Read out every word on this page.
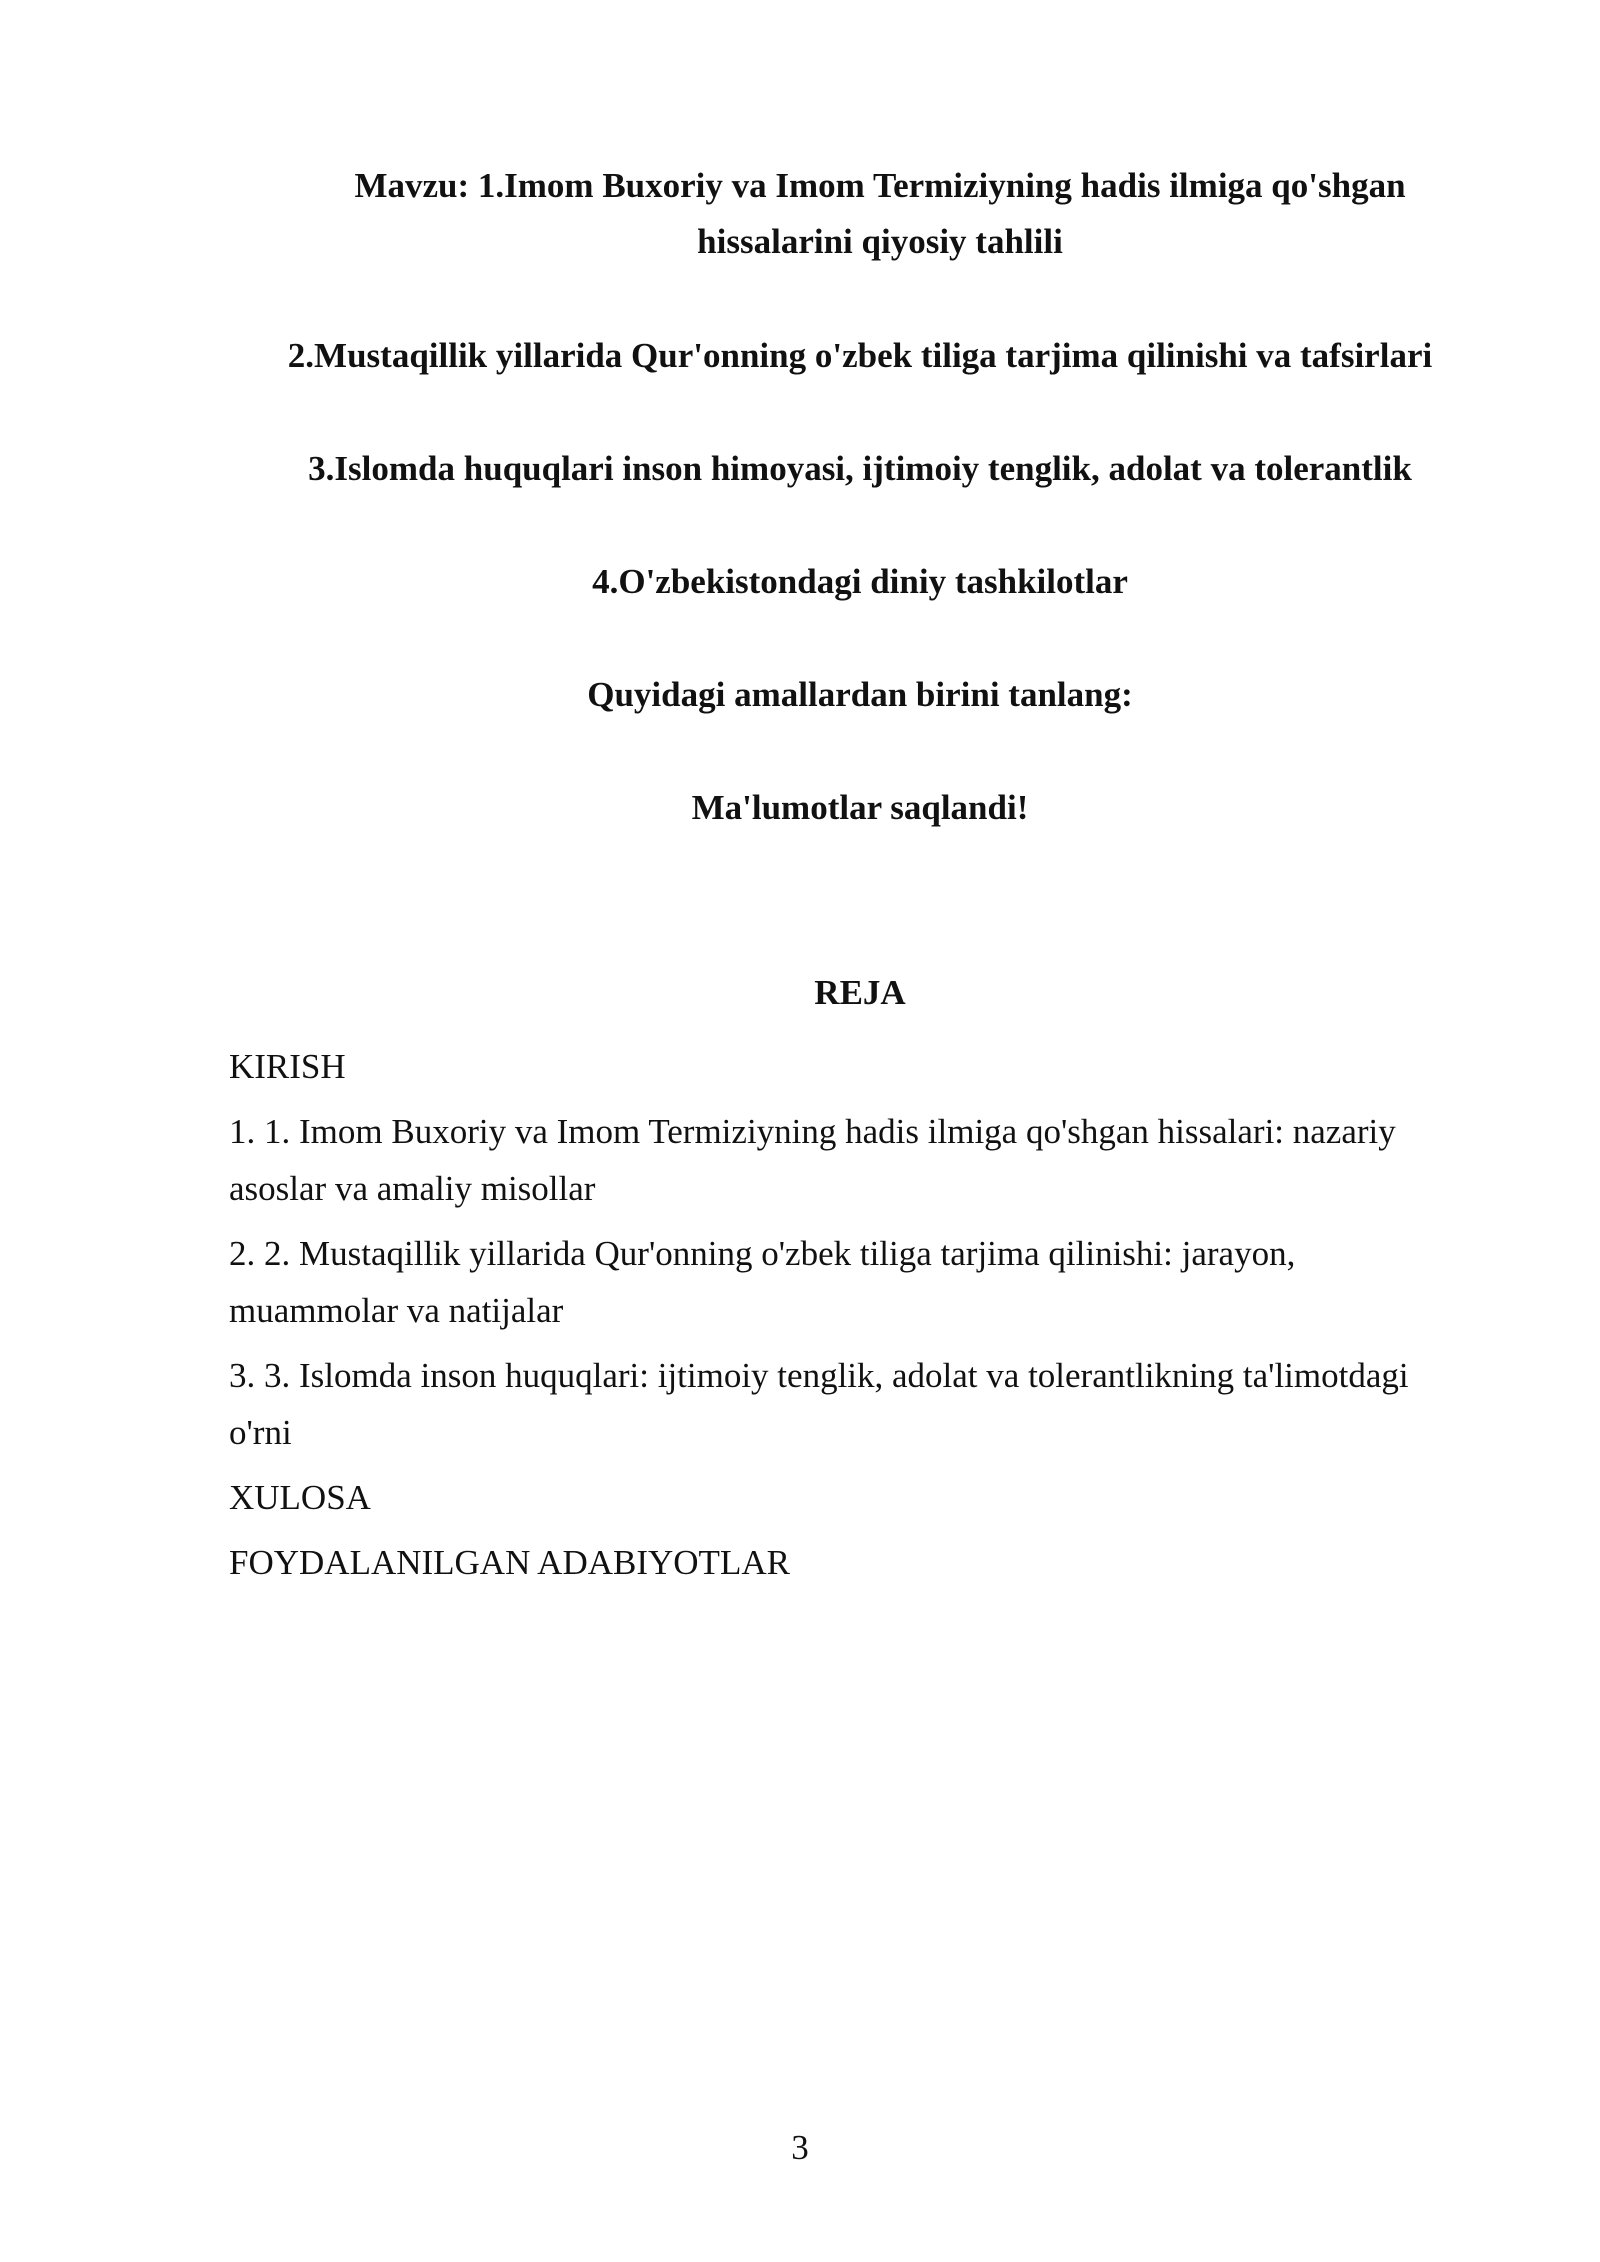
Mavzu: 1.Imom Buxoriy va Imom Termiziyning hadis ilmiga qo'shgan
hissalarini qiyosiy tahlili
2.Mustaqillik yillarida Qur'onning o'zbek tiliga tarjima qilinishi va tafsirlari
3.Islomda huquqlari inson himoyasi, ijtimoiy tenglik, adolat va tolerantlik
4.O'zbekistondagi diniy tashkilotlar
Quyidagi amallardan birini tanlang:
Ma'lumotlar saqlandi!
REJA
KIRISH
1. 1. Imom Buxoriy va Imom Termiziyning hadis ilmiga qo'shgan hissalari: nazariy asoslar va amaliy misollar
2. 2. Mustaqillik yillarida Qur'onning o'zbek tiliga tarjima qilinishi: jarayon, muammolar va natijalar
3. 3. Islomda inson huquqlari: ijtimoiy tenglik, adolat va tolerantlikning ta'limotdagi o'rni
XULOSA
FOYDALANILGAN ADABIYOTLAR
3
